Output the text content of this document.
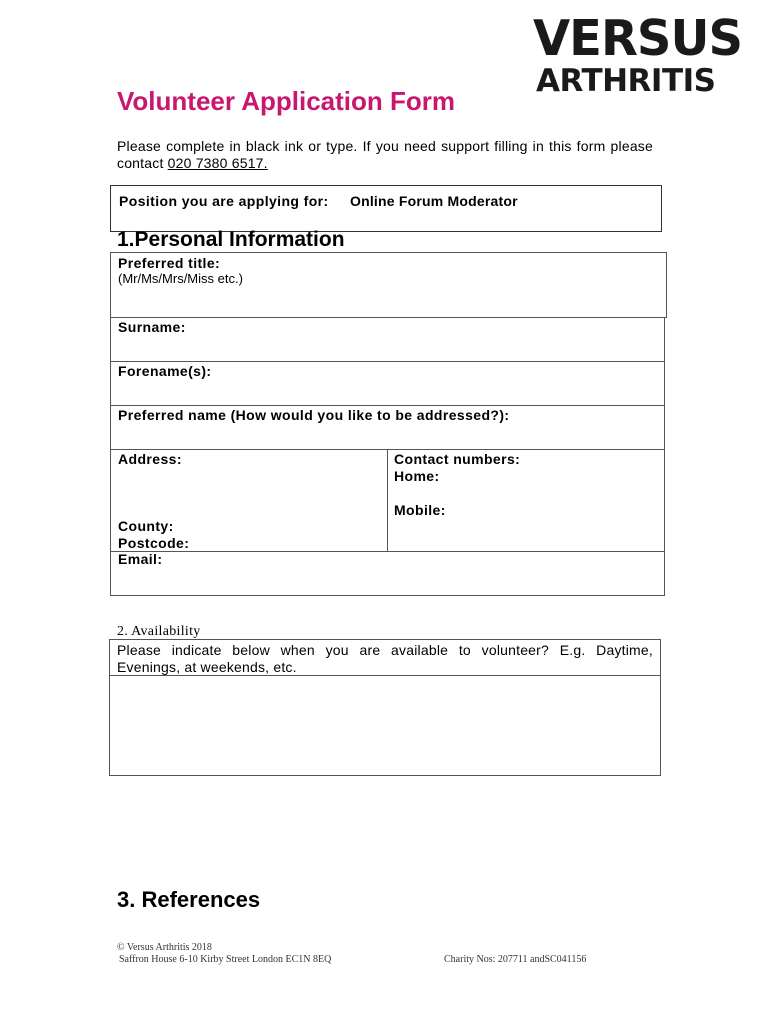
VERSUS
ARTHRITIS
Volunteer Application Form
Please complete in black ink or type. If you need support filling in this form please contact 020 7380 6517.
Position you are applying for: Online Forum Moderator
1.Personal Information
Preferred title:
(Mr/Ms/Mrs/Miss etc.)
Surname:
Forename(s):
Preferred name (How would you like to be addressed?):
Address:
County:
Postcode:
Contact numbers:
Home:
Mobile:
Email:
2. Availability
Please indicate below when you are available to volunteer? E.g. Daytime, Evenings, at weekends, etc.
3. References
© Versus Arthritis 2018
Saffron House 6-10 Kirby Street London EC1N 8EQ	Charity Nos: 207711 andSC041156
